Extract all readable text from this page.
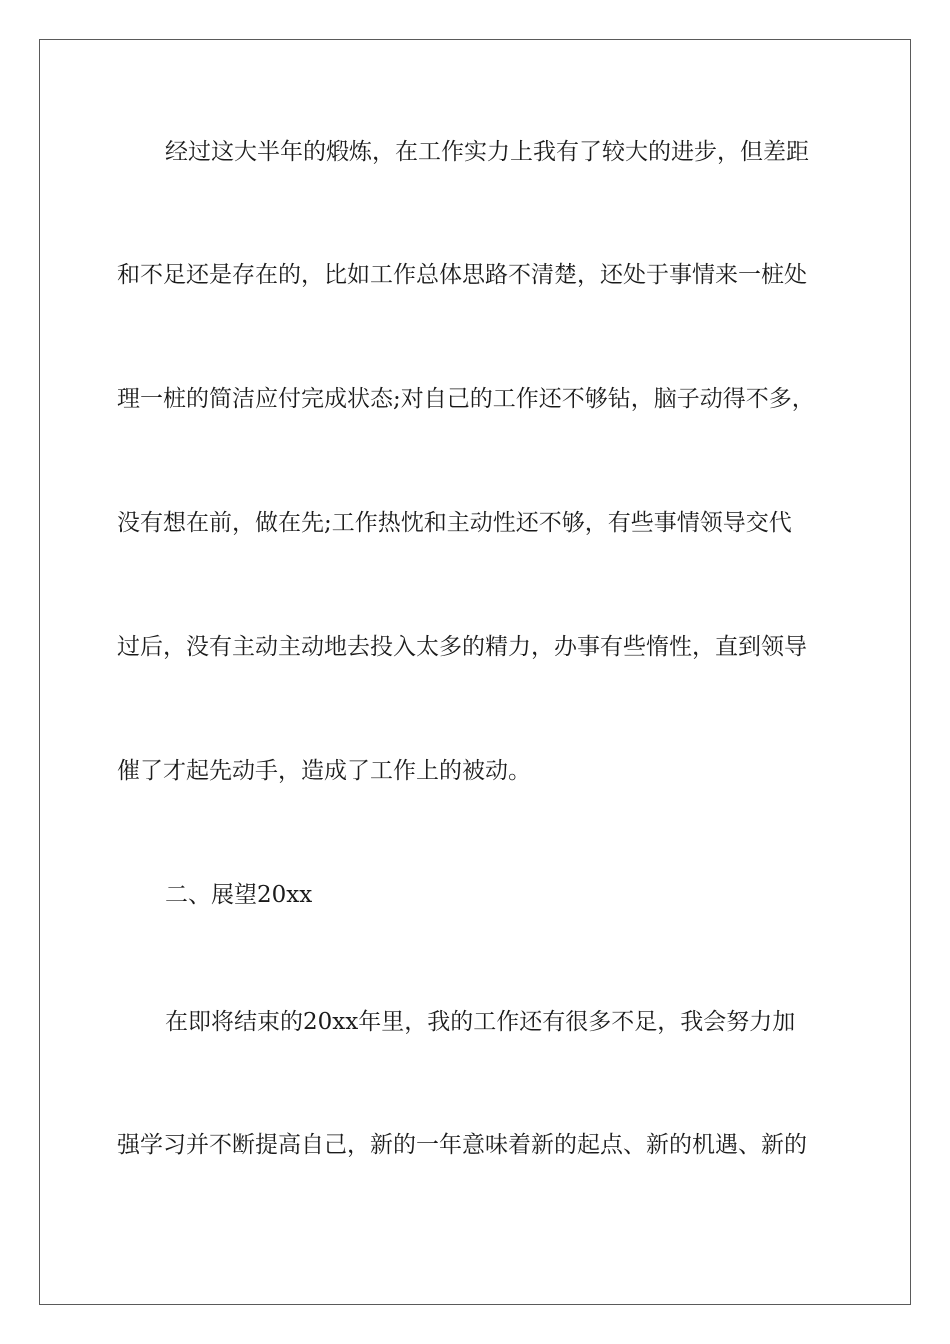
经过这大半年的煅炼，在工作实力上我有了较大的进步，但差距
和不足还是存在的，比如工作总体思路不清楚，还处于事情来一桩处
理一桩的简洁应付完成状态;对自己的工作还不够钻，脑子动得不多，
没有想在前，做在先;工作热忱和主动性还不够，有些事情领导交代
过后，没有主动主动地去投入太多的精力，办事有些惰性，直到领导
催了才起先动手，造成了工作上的被动。
二、展望20xx
在即将结束的20xx年里，我的工作还有很多不足，我会努力加
强学习并不断提高自己，新的一年意味着新的起点、新的机遇、新的
